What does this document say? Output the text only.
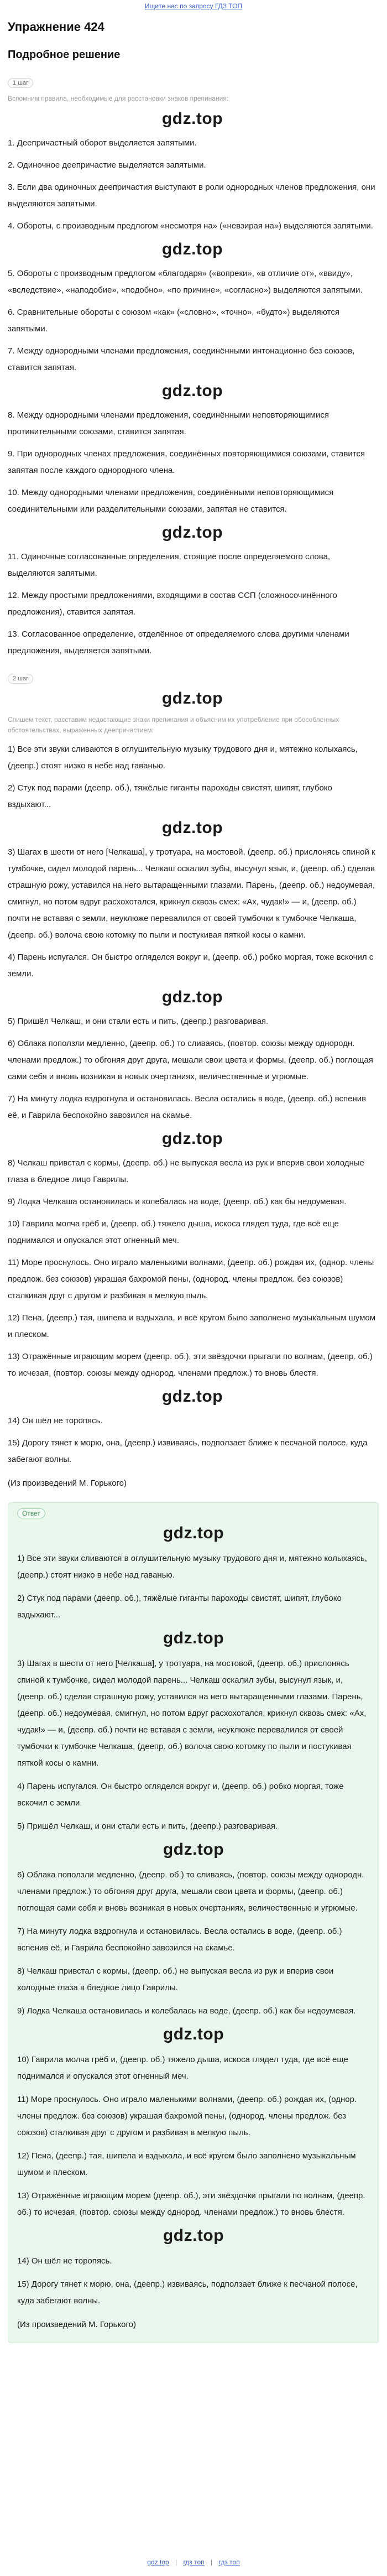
Ищите нас по запросу ГДЗ ТОП
Упражнение 424
Подробное решение
1 шаг
Вспомним правила, необходимые для расстановки знаков препинания:
gdz.top
1. Деепричастный оборот выделяется запятыми.
2. Одиночное деепричастие выделяется запятыми.
3. Если два одиночных деепричастия выступают в роли однородных членов предложения, они выделяются запятыми.
4. Обороты, с производным предлогом «несмотря на» («невзирая на») выделяются запятыми.
gdz.top
5. Обороты с производным предлогом «благодаря» («вопреки», «в отличие от», «ввиду», «вследствие», «наподобие», «подобно», «по причине», «согласно») выделяются запятыми.
6. Сравнительные обороты с союзом «как» («словно», «точно», «будто») выделяются запятыми.
7. Между однородными членами предложения, соединёнными интонационно без союзов, ставится запятая.
gdz.top
8. Между однородными членами предложения, соединёнными неповторяющимися противительными союзами, ставится запятая.
9. При однородных членах предложения, соединённых повторяющимися союзами, ставится запятая после каждого однородного члена.
10. Между однородными членами предложения, соединёнными неповторяющимися соединительными или разделительными союзами, запятая не ставится.
gdz.top
11. Одиночные согласованные определения, стоящие после определяемого слова, выделяются запятыми.
12. Между простыми предложениями, входящими в состав ССП (сложносочинённого предложения), ставится запятая.
13. Согласованное определение, отделённое от определяемого слова другими членами предложения, выделяется запятыми.
2 шаг
gdz.top
Спишем текст, расставим недостающие знаки препинания и объясним их употребление при обособленных обстоятельствах, выраженных деепричастием:
1) Все эти звуки сливаются в оглушительную музыку трудового дня и, мятежно колыхаясь, (деепр.) стоят низко в небе над гаванью.
2) Стук под парами (деепр. об.), тяжёлые гиганты пароходы свистят, шипят, глубоко вздыхают...
gdz.top
3) Шагах в шести от него [Челкаша], у тротуара, на мостовой, (деепр. об.) прислонясь спиной к тумбочке, сидел молодой парень... Челкаш оскалил зубы, высунул язык, и, (деепр. об.) сделав страшную рожу, уставился на него вытаращенными глазами. Парень, (деепр. об.) недоумевая, смигнул, но потом вдруг расхохотался, крикнул сквозь смех: «Ах, чудак!» — и, (деепр. об.) почти не вставая с земли, неуклюже перевалился от своей тумбочки к тумбочке Челкаша, (деепр. об.) волоча свою котомку по пыли и постукивая пяткой косы о камни.
4) Парень испугался. Он быстро огляделся вокруг и, (деепр. об.) робко моргая, тоже вскочил с земли.
gdz.top
5) Пришёл Челкаш, и они стали есть и пить, (деепр.) разговаривая.
6) Облака поползли медленно, (деепр. об.) то сливаясь, (повтор. союзы между однородн. членами предлож.) то обгоняя друг друга, мешали свои цвета и формы, (деепр. об.) поглощая сами себя и вновь возникая в новых очертаниях, величественные и угрюмые.
7) На минуту лодка вздрогнула и остановилась. Весла остались в воде, (деепр. об.) вспенив её, и Гаврила беспокойно завозился на скамье.
gdz.top
8) Челкаш привстал с кормы, (деепр. об.) не выпуская весла из рук и вперив свои холодные глаза в бледное лицо Гаврилы.
9) Лодка Челкаша остановилась и колебалась на воде, (деепр. об.) как бы недоумевая.
10) Гаврила молча грёб и, (деепр. об.) тяжело дыша, искоса глядел туда, где всё еще поднимался и опускался этот огненный меч.
11) Море проснулось. Оно играло маленькими волнами, (деепр. об.) рождая их, (однор. члены предлож. без союзов) украшая бахромой пены, (однород. члены предлож. без союзов) сталкивая друг с другом и разбивая в мелкую пыль.
12) Пена, (деепр.) тая, шипела и вздыхала, и всё кругом было заполнено музыкальным шумом и плеском.
13) Отражённые играющим морем (деепр. об.), эти звёздочки прыгали по волнам, (деепр. об.) то исчезая, (повтор. союзы между однород. членами предлож.) то вновь блестя.
gdz.top
14) Он шёл не торопясь.
15) Дорогу тянет к морю, она, (деепр.) извиваясь, подползает ближе к песчаной полосе, куда забегают волны.
(Из произведений М. Горького)
Ответ
gdz.top
1) Все эти звуки сливаются в оглушительную музыку трудового дня и, мятежно колыхаясь, (деепр.) стоят низко в небе над гаванью.
2) Стук под парами (деепр. об.), тяжёлые гиганты пароходы свистят, шипят, глубоко вздыхают...
gdz.top
3) Шагах в шести от него [Челкаша], у тротуара, на мостовой, (деепр. об.) прислонясь спиной к тумбочке, сидел молодой парень... Челкаш оскалил зубы, высунул язык, и, (деепр. об.) сделав страшную рожу, уставился на него вытаращенными глазами. Парень, (деепр. об.) недоумевая, смигнул, но потом вдруг расхохотался, крикнул сквозь смех: «Ах, чудак!» — и, (деепр. об.) почти не вставая с земли, неуклюже перевалился от своей тумбочки к тумбочке Челкаша, (деепр. об.) волоча свою котомку по пыли и постукивая пяткой косы о камни.
4) Парень испугался. Он быстро огляделся вокруг и, (деепр. об.) робко моргая, тоже вскочил с земли.
5) Пришёл Челкаш, и они стали есть и пить, (деепр.) разговаривая.
gdz.top
6) Облака поползли медленно, (деепр. об.) то сливаясь, (повтор. союзы между однородн. членами предлож.) то обгоняя друг друга, мешали свои цвета и формы, (деепр. об.) поглощая сами себя и вновь возникая в новых очертаниях, величественные и угрюмые.
7) На минуту лодка вздрогнула и остановилась. Весла остались в воде, (деепр. об.) вспенив её, и Гаврила беспокойно завозился на скамье.
8) Челкаш привстал с кормы, (деепр. об.) не выпуская весла из рук и вперив свои холодные глаза в бледное лицо Гаврилы.
9) Лодка Челкаша остановилась и колебалась на воде, (деепр. об.) как бы недоумевая.
gdz.top
10) Гаврила молча грёб и, (деепр. об.) тяжело дыша, искоса глядел туда, где всё еще поднимался и опускался этот огненный меч.
11) Море проснулось. Оно играло маленькими волнами, (деепр. об.) рождая их, (однор. члены предлож. без союзов) украшая бахромой пены, (однород. члены предлож. без союзов) сталкивая друг с другом и разбивая в мелкую пыль.
12) Пена, (деепр.) тая, шипела и вздыхала, и всё кругом было заполнено музыкальным шумом и плеском.
13) Отражённые играющим морем (деепр. об.), эти звёздочки прыгали по волнам, (деепр. об.) то исчезая, (повтор. союзы между однород. членами предлож.) то вновь блестя.
gdz.top
14) Он шёл не торопясь.
15) Дорогу тянет к морю, она, (деепр.) извиваясь, подползает ближе к песчаной полосе, куда забегают волны.
(Из произведений М. Горького)
gdz.top | гдз топ | гдз топ
